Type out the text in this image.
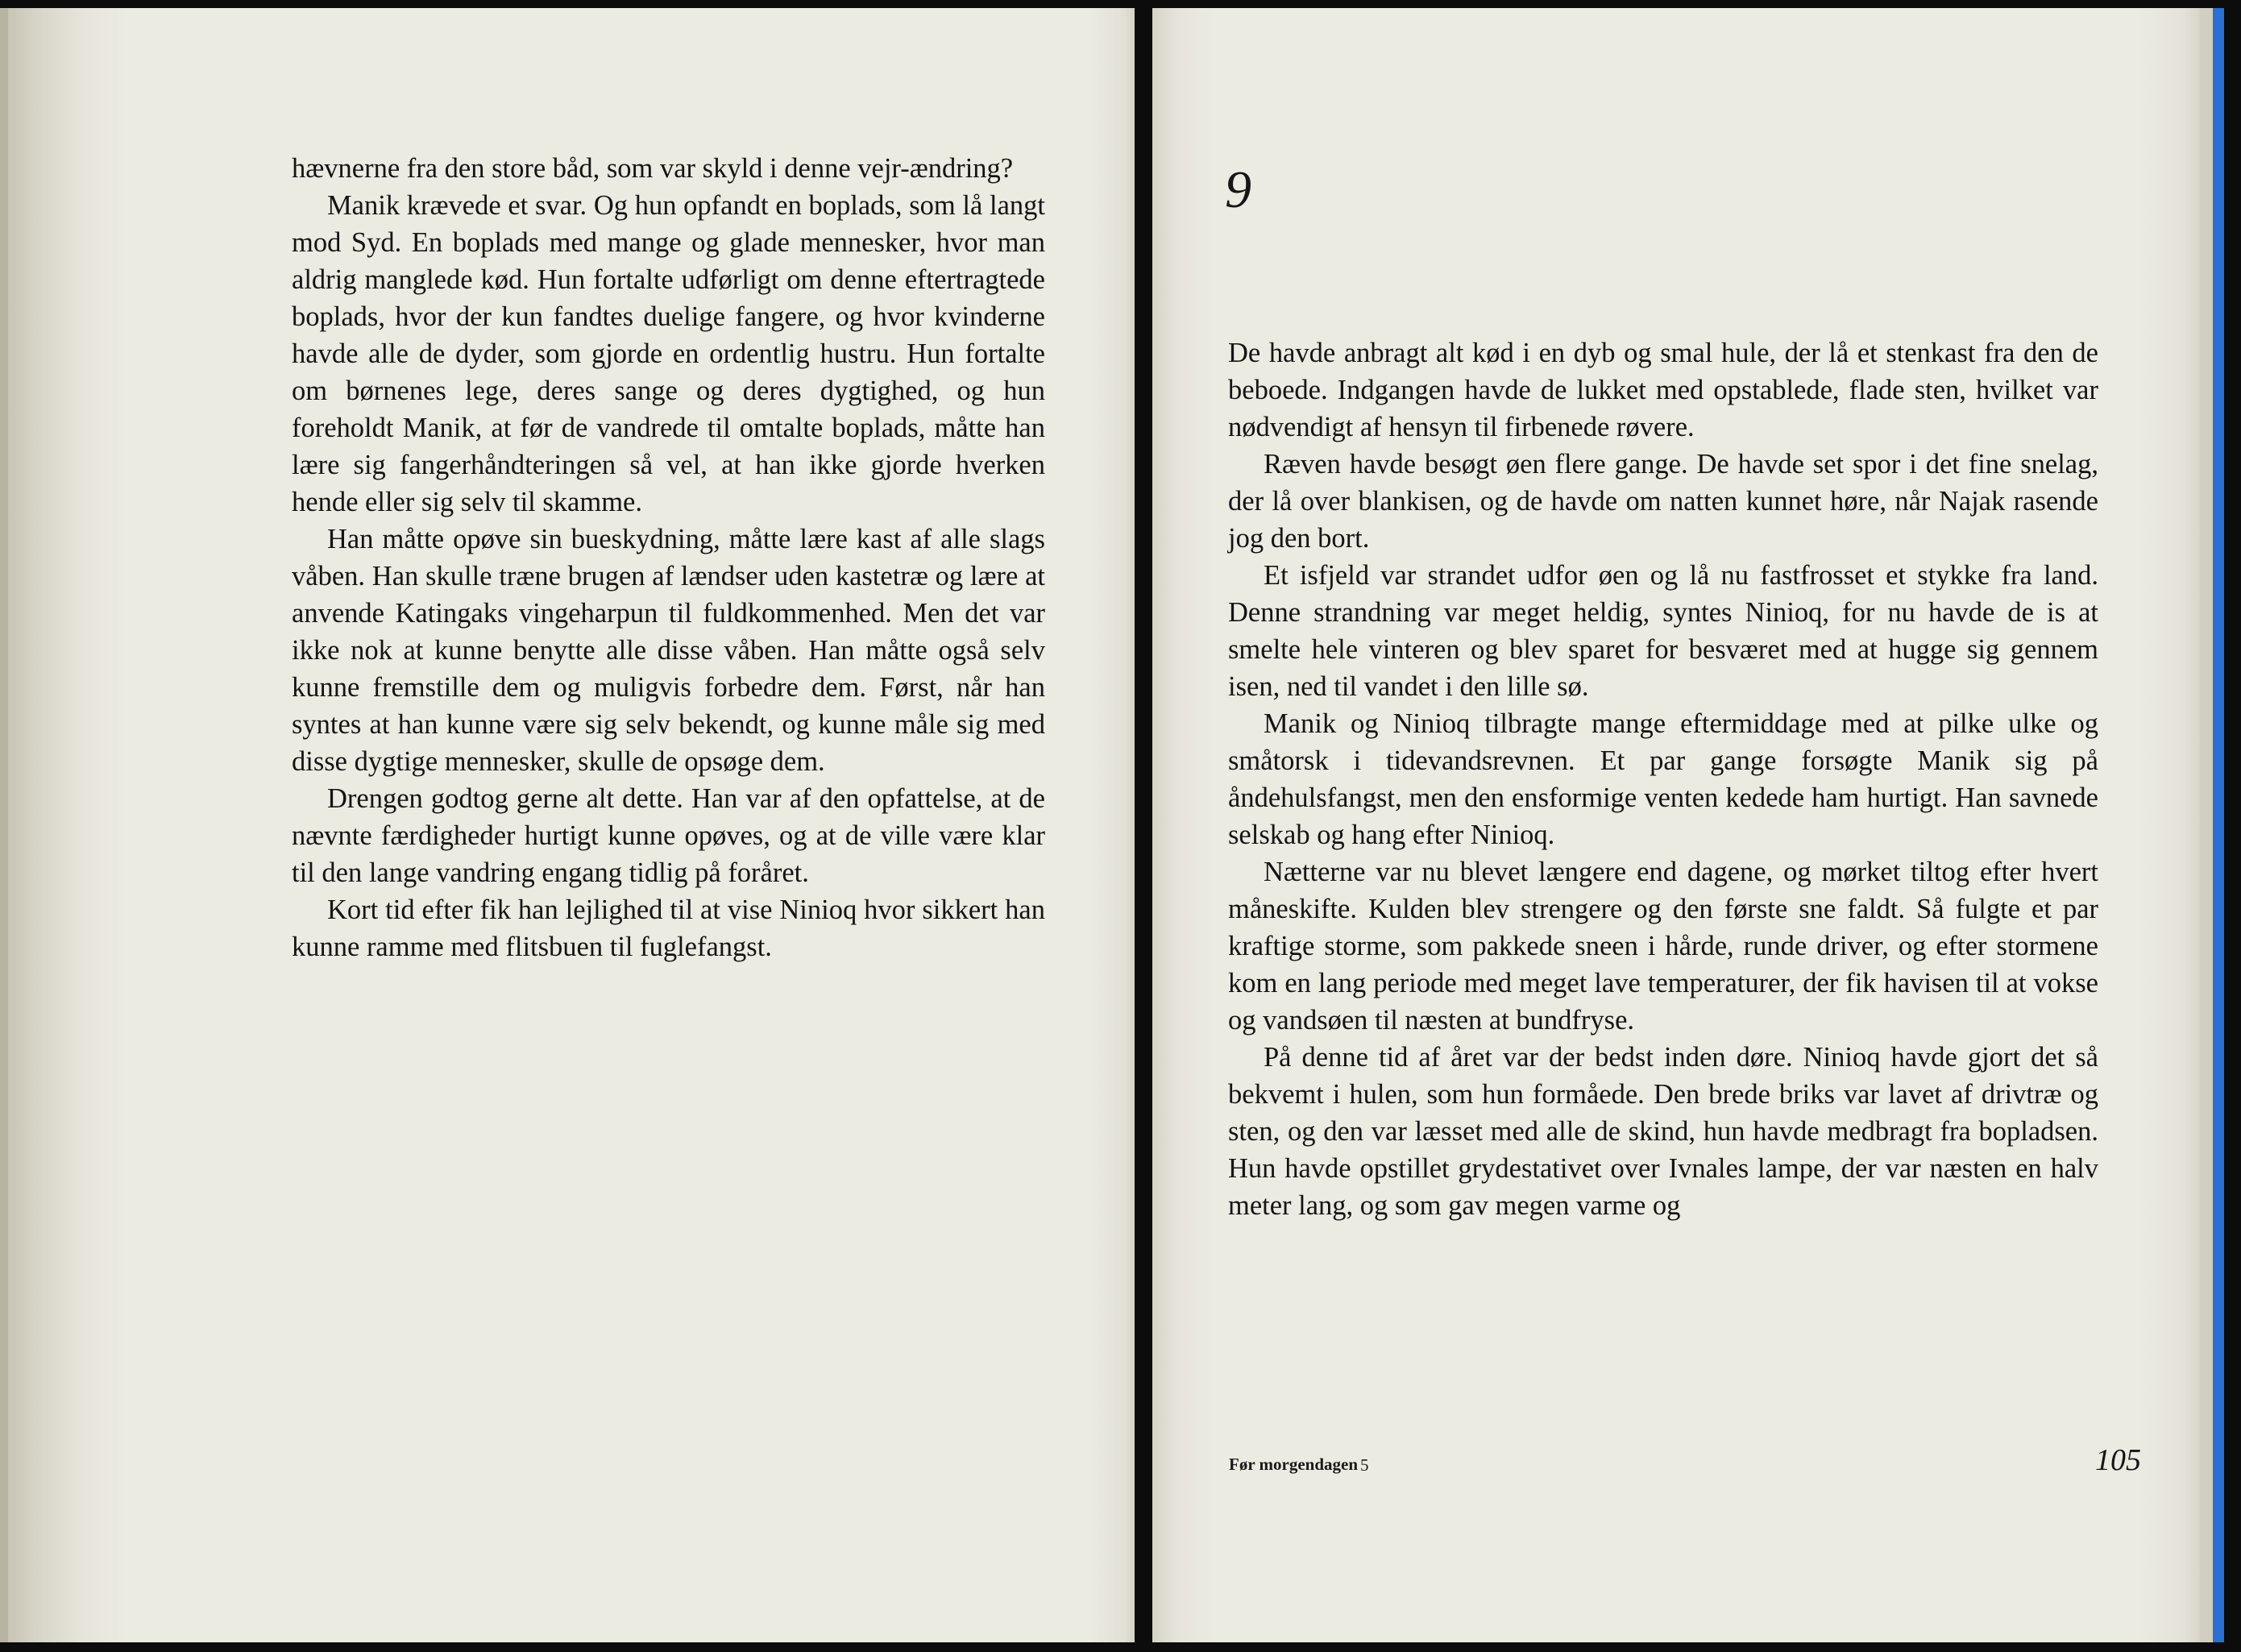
hævnerne fra den store båd, som var skyld i denne vejr-ændring?

Manik krævede et svar. Og hun opfandt en boplads, som lå langt mod Syd. En boplads med mange og glade mennesker, hvor man aldrig manglede kød. Hun fortalte udførligt om denne eftertragtede boplads, hvor der kun fandtes duelige fangere, og hvor kvinderne havde alle de dyder, som gjorde en ordentlig hustru. Hun fortalte om børnenes lege, deres sange og deres dygtighed, og hun foreholdt Manik, at før de vandrede til omtalte boplads, måtte han lære sig fangerhåndteringen så vel, at han ikke gjorde hverken hende eller sig selv til skamme.

Han måtte opøve sin bueskydning, måtte lære kast af alle slags våben. Han skulle træne brugen af lændser uden kastetræ og lære at anvende Katingaks vingeharpun til fuldkommenhed. Men det var ikke nok at kunne benytte alle disse våben. Han måtte også selv kunne fremstille dem og muligvis forbedre dem. Først, når han syntes at han kunne være sig selv bekendt, og kunne måle sig med disse dygtige mennesker, skulle de opsøge dem.

Drengen godtog gerne alt dette. Han var af den opfattelse, at de nævnte færdigheder hurtigt kunne opøves, og at de ville være klar til den lange vandring engang tidlig på foråret.

Kort tid efter fik han lejlighed til at vise Ninioq hvor sikkert han kunne ramme med flitsbuen til fuglefangst.

9

De havde anbragt alt kød i en dyb og smal hule, der lå et stenkast fra den de beboede. Indgangen havde de lukket med opstablede, flade sten, hvilket var nødvendigt af hensyn til firbenede røvere.

Ræven havde besøgt øen flere gange. De havde set spor i det fine snelag, der lå over blankisen, og de havde om natten kunnet høre, når Najak rasende jog den bort.

Et isfjeld var strandet udfor øen og lå nu fastfrosset et stykke fra land. Denne strandning var meget heldig, syntes Ninioq, for nu havde de is at smelte hele vinteren og blev sparet for besværet med at hugge sig gennem isen, ned til vandet i den lille sø.

Manik og Ninioq tilbragte mange eftermiddage med at pilke ulke og småtorsk i tidevandsrevnen. Et par gange forsøgte Manik sig på åndehulsfangst, men den ensformige venten kedede ham hurtigt. Han savnede selskab og hang efter Ninioq.

Nætterne var nu blevet længere end dagene, og mørket tiltog efter hvert måneskifte. Kulden blev strengere og den første sne faldt. Så fulgte et par kraftige storme, som pakkede sneen i hårde, runde driver, og efter stormene kom en lang periode med meget lave temperaturer, der fik havisen til at vokse og vandsøen til næsten at bundfryse.

På denne tid af året var der bedst inden døre. Ninioq havde gjort det så bekvemt i hulen, som hun formåede. Den brede briks var lavet af drivtræ og sten, og den var læsset med alle de skind, hun havde medbragt fra bopladsen. Hun havde opstillet grydestativet over Ivnales lampe, der var næsten en halv meter lang, og som gav megen varme og

Før morgendagen 5	105
